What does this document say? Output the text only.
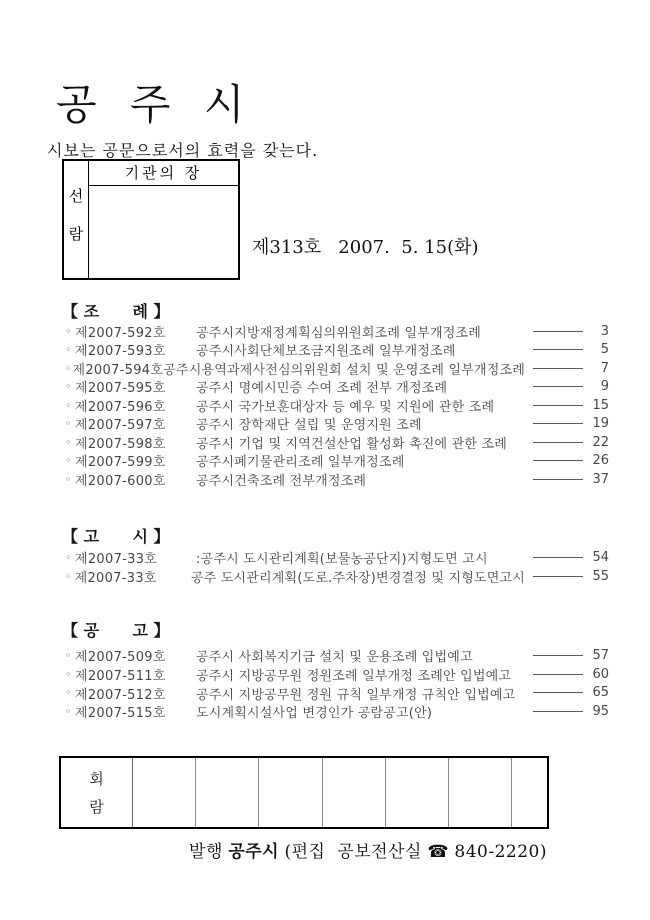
공 주 시
시보는 공문으로서의 효력을 갖는다.
선
람
기관의 장
제313호   2007.  5. 15(화)
【 조      례 】
◦ 제2007-592호	공주시지방재정계획심의위원회조례 일부개정조례	3
◦ 제2007-593호	공주시사회단체보조금지원조례 일부개정조례	5
◦ 제2007-594호 공주시용역과제사전심의위원회 설치 및 운영조례 일부개정조례	7
◦ 제2007-595호	공주시 명예시민증 수여 조례 전부 개정조례	9
◦ 제2007-596호	공주시 국가보훈대상자 등 예우 및 지원에 관한 조례	15
◦ 제2007-597호	공주시 장학재단 설립 및 운영지원 조례	19
◦ 제2007-598호	공주시 기업 및 지역건설산업 활성화 촉진에 관한 조례	22
◦ 제2007-599호	공주시폐기물관리조례 일부개정조례	26
◦ 제2007-600호	공주시건축조례 전부개정조례	37
【 고      시 】
◦ 제2007-33호	:공주시 도시관리계획(보물농공단지)지형도면 고시	54
◦ 제2007-33호	공주 도시관리계획(도로.주차장)변경결정 및 지형도면고시	55
【 공      고 】
◦ 제2007-509호	공주시 사회복지기금 설치 및 운용조례 입법예고	57
◦ 제2007-511호	공주시 지방공무원 정원조례 일부개정 조례안 입법예고	60
◦ 제2007-512호	공주시 지방공무원 정원 규칙 일부개정 규칙안 입법예고	65
◦ 제2007-515호	도시계획시설사업 변경인가 공람공고(안)	95
회
람
발행 공주시 (편집  공보전산실 ☎ 840-2220)
